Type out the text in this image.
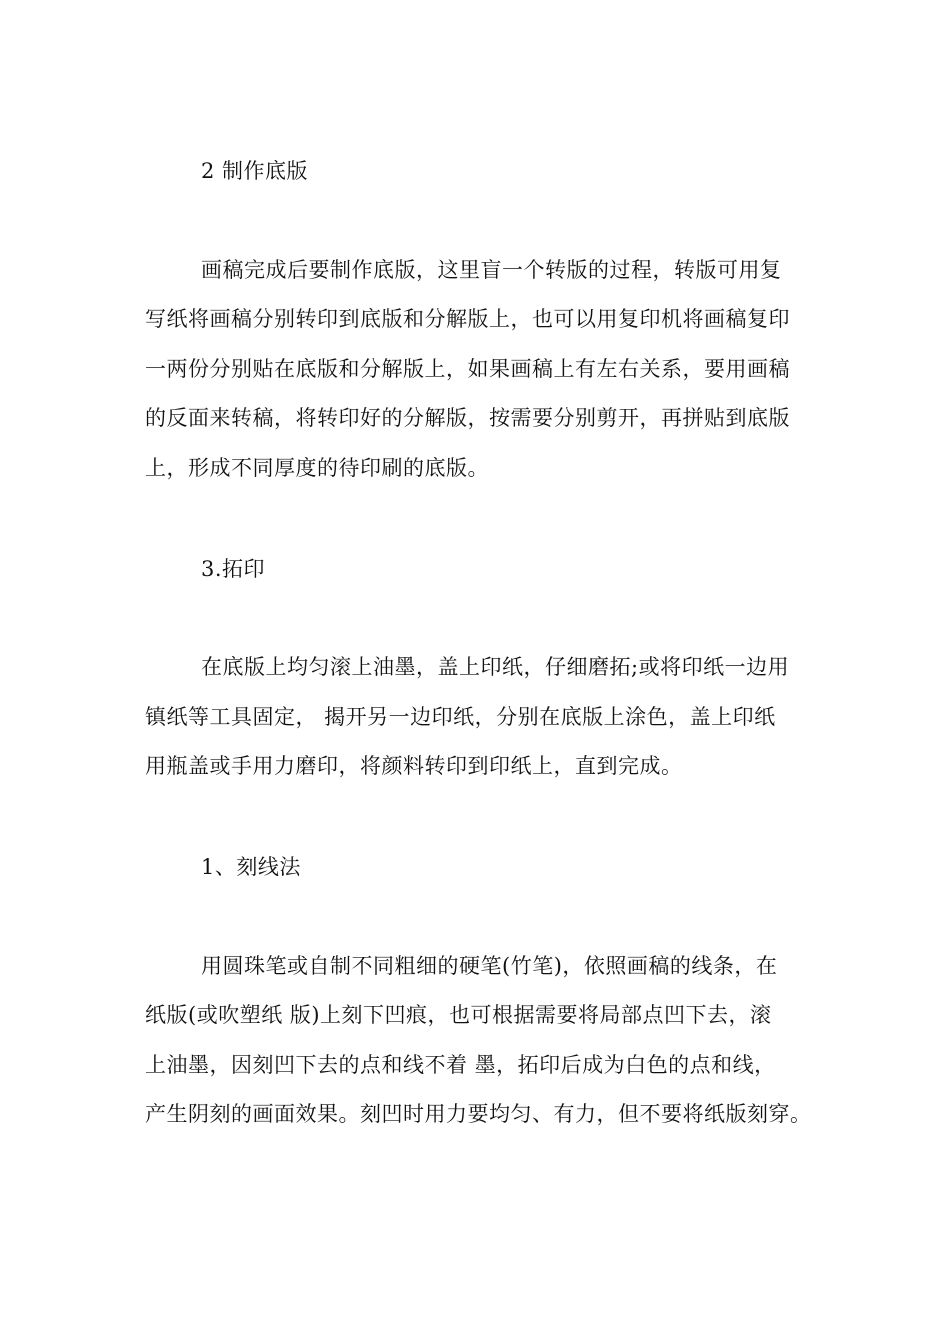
2 制作底版

画稿完成后要制作底版，这里盲一个转版的过程，转版可用复

写纸将画稿分别转印到底版和分解版上，也可以用复印机将画稿复印

一两份分别贴在底版和分解版上，如果画稿上有左右关系，要用画稿

的反面来转稿，将转印好的分解版，按需要分别剪开，再拼贴到底版

上，形成不同厚度的待印刷的底版。

3.拓印

在底版上均匀滚上油墨，盖上印纸，仔细磨拓;或将印纸一边用

镇纸等工具固定， 揭开另一边印纸，分别在底版上涂色，盖上印纸

用瓶盖或手用力磨印，将颜料转印到印纸上，直到完成。

1、刻线法

用圆珠笔或自制不同粗细的硬笔(竹笔)，依照画稿的线条，在

纸版(或吹塑纸 版)上刻下凹痕，也可根据需要将局部点凹下去，滚

上油墨，因刻凹下去的点和线不着 墨，拓印后成为白色的点和线，

产生阴刻的画面效果。刻凹时用力要均匀、有力，但不要将纸版刻穿。
